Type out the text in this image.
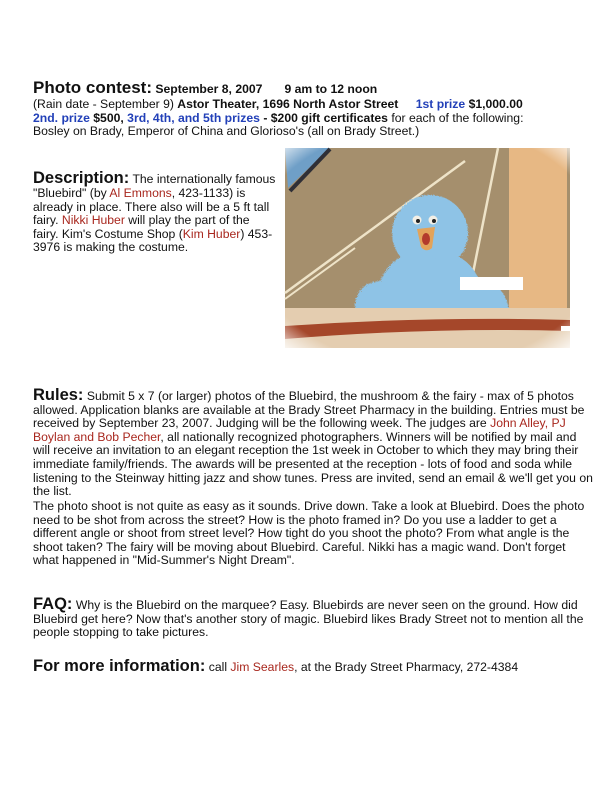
Photo contest: September 8, 2007 9 am to 12 noon
(Rain date - September 9) Astor Theater, 1696 North Astor Street 1st prize $1,000.00
2nd. prize $500, 3rd, 4th, and 5th prizes - $200 gift certificates for each of the following:
Bosley on Brady, Emperor of China and Glorioso's (all on Brady Street.)
Description: The internationally famous "Bluebird" (by Al Emmons, 423-1133) is already in place. There also will be a 5 ft tall fairy. Nikki Huber will play the part of the fairy. Kim's Costume Shop (Kim Huber) 453-3976 is making the costume.
Rules: Submit 5 x 7 (or larger) photos of the Bluebird, the mushroom & the fairy - max of 5 photos allowed. Application blanks are available at the Brady Street Pharmacy in the building. Entries must be received by September 23, 2007. Judging will be the following week. The judges are John Alley, PJ Boylan and Bob Pecher, all nationally recognized photographers. Winners will be notified by mail and will receive an invitation to an elegant reception the 1st week in October to which they may bring their immediate family/friends. The awards will be presented at the reception - lots of food and soda while listening to the Steinway hitting jazz and show tunes. Press are invited, send an email & we'll get you on the list.
The photo shoot is not quite as easy as it sounds. Drive down. Take a look at Bluebird. Does the photo need to be shot from across the street? How is the photo framed in? Do you use a ladder to get a different angle or shoot from street level? How tight do you shoot the photo? From what angle is the shoot taken? The fairy will be moving about Bluebird. Careful. Nikki has a magic wand. Don't forget what happened in "Mid-Summer's Night Dream".
FAQ: Why is the Bluebird on the marquee? Easy. Bluebirds are never seen on the ground. How did Bluebird get here? Now that's another story of magic. Bluebird likes Brady Street not to mention all the people stopping to take pictures.
For more information: call Jim Searles, at the Brady Street Pharmacy, 272-4384
